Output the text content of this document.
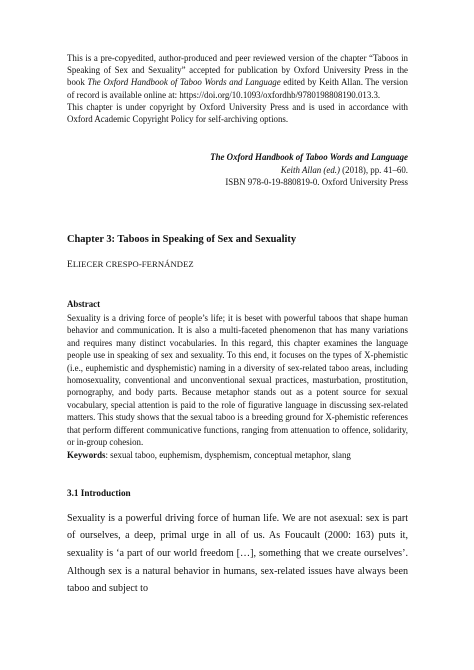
This is a pre-copyedited, author-produced and peer reviewed version of the chapter “Taboos in Speaking of Sex and Sexuality” accepted for publication by Oxford University Press in the book The Oxford Handbook of Taboo Words and Language edited by Keith Allan. The version of record is available online at: https://doi.org/10.1093/oxfordhb/9780198808190.013.3.

This chapter is under copyright by Oxford University Press and is used in accordance with Oxford Academic Copyright Policy for self-archiving options.

The Oxford Handbook of Taboo Words and Language
Keith Allan (ed.) (2018), pp. 41–60.
ISBN 978-0-19-880819-0. Oxford University Press
Chapter 3: Taboos in Speaking of Sex and Sexuality
ELIECER CRESPO-FERNÁNDEZ
Abstract
Sexuality is a driving force of people’s life; it is beset with powerful taboos that shape human behavior and communication. It is also a multi-faceted phenomenon that has many variations and requires many distinct vocabularies. In this regard, this chapter examines the language people use in speaking of sex and sexuality. To this end, it focuses on the types of X-phemistic (i.e., euphemistic and dysphemistic) naming in a diversity of sex-related taboo areas, including homosexuality, conventional and unconventional sexual practices, masturbation, prostitution, pornography, and body parts. Because metaphor stands out as a potent source for sexual vocabulary, special attention is paid to the role of figurative language in discussing sex-related matters. This study shows that the sexual taboo is a breeding ground for X-phemistic references that perform different communicative functions, ranging from attenuation to offence, solidarity, or in-group cohesion.
Keywords: sexual taboo, euphemism, dysphemism, conceptual metaphor, slang
3.1 Introduction
Sexuality is a powerful driving force of human life. We are not asexual: sex is part of ourselves, a deep, primal urge in all of us. As Foucault (2000: 163) puts it, sexuality is ‘a part of our world freedom […], something that we create ourselves’. Although sex is a natural behavior in humans, sex-related issues have always been taboo and subject to
